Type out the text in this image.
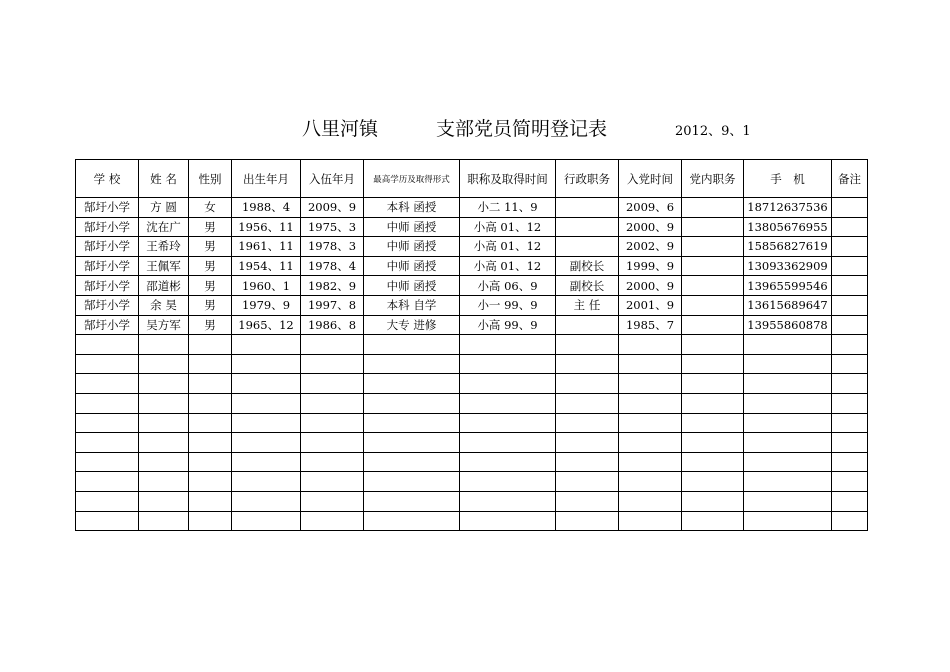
八里河镇	支部党员简明登记表	2012、9、1
学 校	姓 名	性别	出生年月	入伍年月	最高学历及取得形式	职称及取得时间	行政职务	入党时间	党内职务	手　机	备注
郜圩小学	方 圆	女	1988、4	2009、9	本科 函授	小二 11、9		2009、6		18712637536	
郜圩小学	沈在广	男	1956、11	1975、3	中师 函授	小高 01、12		2000、9		13805676955	
郜圩小学	王希玲	男	1961、11	1978、3	中师 函授	小高 01、12		2002、9		15856827619	
郜圩小学	王佩军	男	1954、11	1978、4	中师 函授	小高 01、12	副校长	1999、9		13093362909	
郜圩小学	邵道彬	男	1960、1	1982、9	中师 函授	小高 06、9	副校长	2000、9		13965599546	
郜圩小学	余 昊	男	1979、9	1997、8	本科 自学	小一 99、9	主 任	2001、9		13615689647	
郜圩小学	吴方军	男	1965、12	1986、8	大专 进修	小高 99、9		1985、7		13955860878	
